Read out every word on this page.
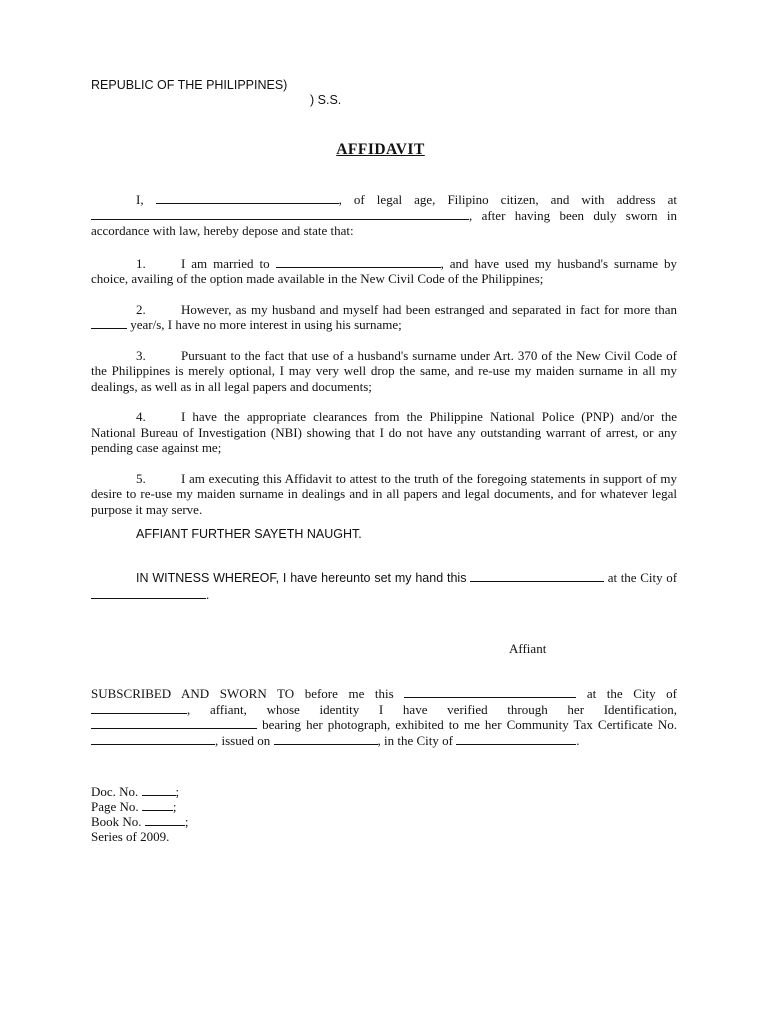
REPUBLIC OF THE PHILIPPINES)
) S.S.
AFFIDAVIT
I,	, of legal age, Filipino citizen, and with address at , after having been duly sworn in accordance with law, hereby depose and state that:
1.	I am married to	, and have used my husband's surname by choice, availing of the option made available in the New Civil Code of the Philippines;
2.	However, as my husband and myself had been estranged and separated in fact for more than  year/s, I have no more interest in using his surname;
3.	Pursuant to the fact that use of a husband's surname under Art. 370 of the New Civil Code of the Philippines is merely optional, I may very well drop the same, and re-use my maiden surname in all my dealings, as well as in all legal papers and documents;
4.	I have the appropriate clearances from the Philippine National Police (PNP) and/or the National Bureau of Investigation (NBI) showing that I do not have any outstanding warrant of arrest, or any pending case against me;
5.	I am executing this Affidavit to attest to the truth of the foregoing statements in support of my desire to re-use my maiden surname in dealings and in all papers and legal documents, and for whatever legal purpose it may serve.
AFFIANT FURTHER SAYETH NAUGHT.
IN WITNESS WHEREOF, I have hereunto set my hand this	at the City of .
Affiant
SUBSCRIBED AND SWORN TO before me this	at the City of , affiant, whose identity I have verified through her Identification,  bearing her photograph, exhibited to me her Community Tax Certificate No. , issued on	, in the City of	.
Doc. No.	;
Page No.	;
Book No.	;
Series of 2009.
